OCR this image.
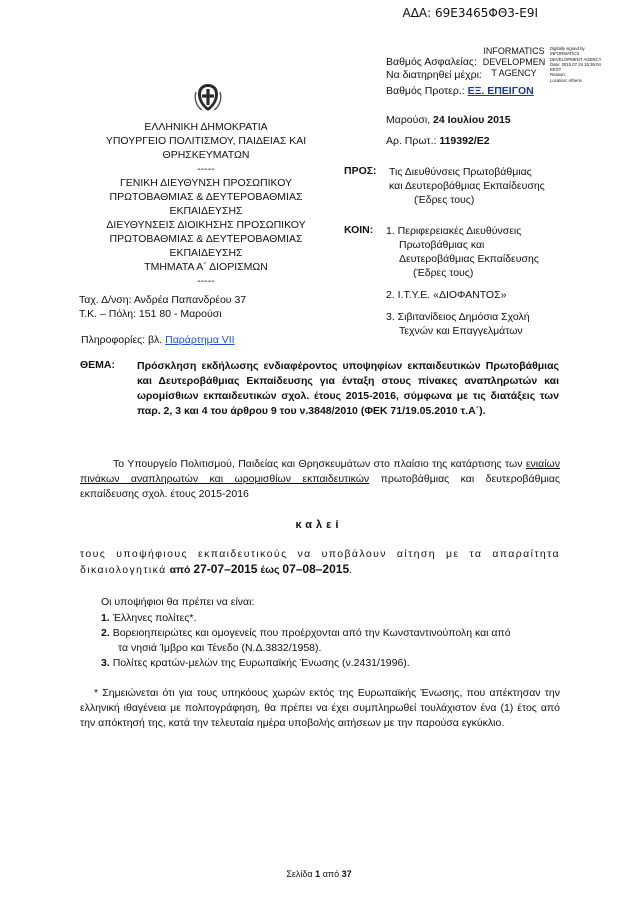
ΑΔΑ: 69Ε3465ΦΘ3-Ε9Ι
Βαθμός Ασφαλείας:
Να διατηρηθεί μέχρι:
INFORMATICS
DEVELOPMEN
T AGENCY
Digitally signed by
INFORMATICS
DEVELOPMENT AGENCY
Date: 2015.07.24 15:36:04
EEST
Reason:
Location: Athens
Βαθμός Προτερ.: ΕΞ. ΕΠΕΙΓΟΝ
ΕΛΛΗΝΙΚΗ ΔΗΜΟΚΡΑΤΙΑ
ΥΠΟΥΡΓΕΙΟ ΠΟΛΙΤΙΣΜΟΥ, ΠΑΙΔΕΙΑΣ ΚΑΙ
ΘΡΗΣΚΕΥΜΑΤΩΝ
-----
ΓΕΝΙΚΗ ΔΙΕΥΘΥΝΣΗ ΠΡΟΣΩΠΙΚΟΥ
ΠΡΩΤΟΒΑΘΜΙΑΣ & ΔΕΥΤΕΡΟΒΑΘΜΙΑΣ
ΕΚΠΑΙΔΕΥΣΗΣ
ΔΙΕΥΘΥΝΣΕΙΣ ΔΙΟΙΚΗΣΗΣ ΠΡΟΣΩΠΙΚΟΥ
ΠΡΩΤΟΒΑΘΜΙΑΣ & ΔΕΥΤΕΡΟΒΑΘΜΙΑΣ
ΕΚΠΑΙΔΕΥΣΗΣ
ΤΜΗΜΑΤΑ Α΄ ΔΙΟΡΙΣΜΩΝ
-----
Ταχ. Δ/νση: Ανδρέα Παπανδρέου 37
Τ.Κ. – Πόλη: 151 80 - Μαρούσι
Πληροφορίες: βλ. Παράρτημα VII
Μαρούσι, 24 Ιουλίου 2015
Αρ. Πρωτ.: 119392/Ε2
ΠΡΟΣ: Τις Διευθύνσεις Πρωτοβάθμιας
και Δευτεροβάθμιας Εκπαίδευσης
(Έδρες τους)
ΚΟΙΝ: 1. Περιφερειακές Διευθύνσεις
Πρωτοβάθμιας και
Δευτεροβάθμιας Εκπαίδευσης
(Έδρες τους)
2. Ι.Τ.Υ.Ε. «ΔΙΟΦΑΝΤΟΣ»
3. Σιβιτανίδειος Δημόσια Σχολή
Τεχνών και Επαγγελμάτων
ΘΕΜΑ: Πρόσκληση εκδήλωσης ενδιαφέροντος υποψηφίων εκπαιδευτικών Πρωτοβάθμιας και Δευτεροβάθμιας Εκπαίδευσης για ένταξη στους πίνακες αναπληρωτών και ωρομίσθιων εκπαιδευτικών σχολ. έτους 2015-2016, σύμφωνα με τις διατάξεις των παρ. 2, 3 και 4 του άρθρου 9 του ν.3848/2010 (ΦΕΚ 71/19.05.2010 τ.Α΄).
Το Υπουργείο Πολιτισμού, Παιδείας και Θρησκευμάτων στο πλαίσιο της κατάρτισης των ενιαίων πινάκων αναπληρωτών και ωρομισθίων εκπαιδευτικών πρωτοβάθμιας και δευτεροβάθμιας εκπαίδευσης σχολ. έτους 2015-2016
καλεί
τους υποψήφιους εκπαιδευτικούς να υποβάλουν αίτηση με τα απαραίτητα δικαιολογητικά από 27-07–2015 έως 07–08–2015.
Οι υποψήφιοι θα πρέπει να είναι:
1. Έλληνες πολίτες*.
2. Βορειοηπειρώτες και ομογενείς που προέρχονται από την Κωνσταντινούπολη και από
τα νησιά Ίμβρο και Τένεδο (Ν.Δ.3832/1958).
3. Πολίτες κρατών-μελών της Ευρωπαϊκής Ένωσης (ν.2431/1996).
* Σημειώνεται ότι για τους υπηκόους χωρών εκτός της Ευρωπαϊκής Ένωσης, που απέκτησαν την ελληνική ιθαγένεια με πολιτογράφηση, θα πρέπει να έχει συμπληρωθεί τουλάχιστον ένα (1) έτος από την απόκτησή της, κατά την τελευταία ημέρα υποβολής αιτήσεων με την παρούσα εγκύκλιο.
Σελίδα 1 από 37
